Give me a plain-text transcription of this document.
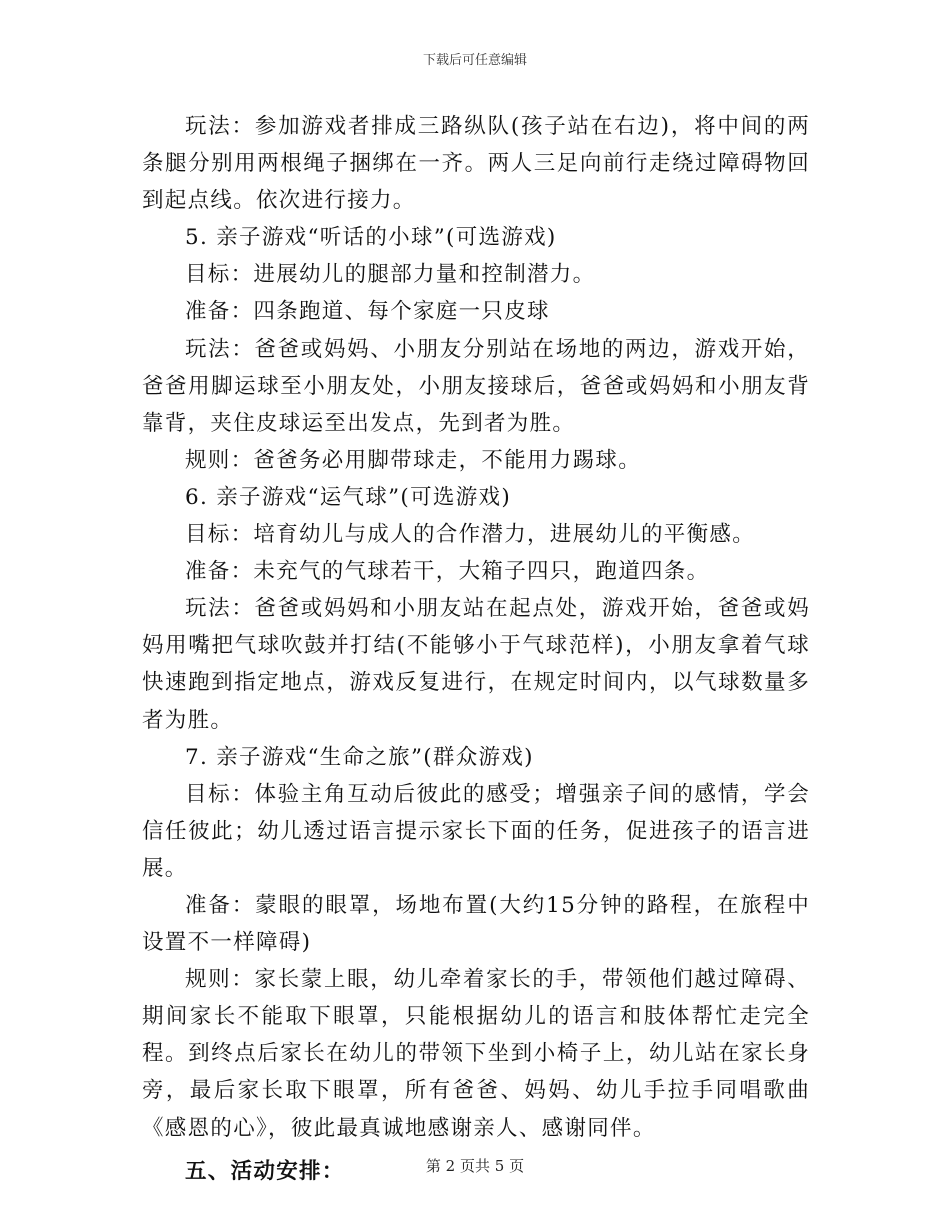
下载后可任意编辑

玩法：参加游戏者排成三路纵队(孩子站在右边)，将中间的两条腿分别用两根绳子捆绑在一齐。两人三足向前行走绕过障碍物回到起点线。依次进行接力。

5. 亲子游戏“听话的小球”(可选游戏)

目标：进展幼儿的腿部力量和控制潜力。

准备：四条跑道、每个家庭一只皮球

玩法：爸爸或妈妈、小朋友分别站在场地的两边，游戏开始，爸爸用脚运球至小朋友处，小朋友接球后，爸爸或妈妈和小朋友背靠背，夹住皮球运至出发点，先到者为胜。

规则：爸爸务必用脚带球走，不能用力踢球。

6. 亲子游戏“运气球”(可选游戏)

目标：培育幼儿与成人的合作潜力，进展幼儿的平衡感。

准备：未充气的气球若干，大箱子四只，跑道四条。

玩法：爸爸或妈妈和小朋友站在起点处，游戏开始，爸爸或妈妈用嘴把气球吹鼓并打结(不能够小于气球范样)，小朋友拿着气球快速跑到指定地点，游戏反复进行，在规定时间内，以气球数量多者为胜。

7. 亲子游戏“生命之旅”(群众游戏)

目标：体验主角互动后彼此的感受；增强亲子间的感情，学会信任彼此；幼儿透过语言提示家长下面的任务，促进孩子的语言进展。

准备：蒙眼的眼罩，场地布置(大约15分钟的路程，在旅程中设置不一样障碍)

规则：家长蒙上眼，幼儿牵着家长的手，带领他们越过障碍、期间家长不能取下眼罩，只能根据幼儿的语言和肢体帮忙走完全程。到终点后家长在幼儿的带领下坐到小椅子上，幼儿站在家长身旁，最后家长取下眼罩，所有爸爸、妈妈、幼儿手拉手同唱歌曲《感恩的心》，彼此最真诚地感谢亲人、感谢同伴。

五、活动安排：	第 2 页共 5 页
